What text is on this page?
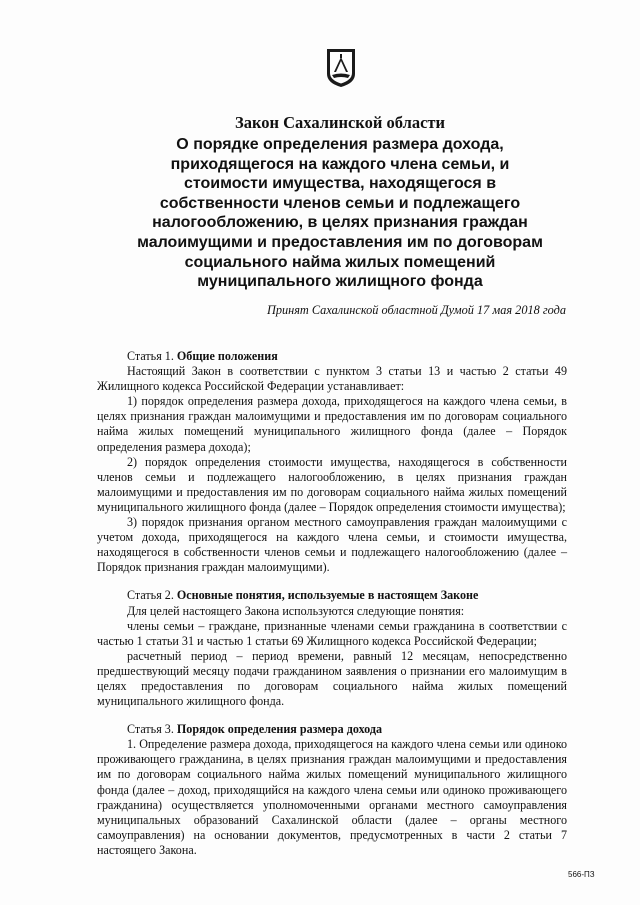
Закон Сахалинской области

О порядке определения размера дохода,
приходящегося на каждого члена семьи, и
стоимости имущества, находящегося в
собственности членов семьи и подлежащего
налогообложению, в целях признания граждан
малоимущими и предоставления им по договорам
социального найма жилых помещений
муниципального жилищного фонда

Принят Сахалинской областной Думой 17 мая 2018 года

Статья 1. Общие положения

Настоящий Закон в соответствии с пунктом 3 статьи 13 и частью 2 статьи 49 Жилищного кодекса Российской Федерации устанавливает:

1) порядок определения размера дохода, приходящегося на каждого члена семьи, в целях признания граждан малоимущими и предоставления им по договорам социального найма жилых помещений муниципального жилищного фонда (далее – Порядок определения размера дохода);

2) порядок определения стоимости имущества, находящегося в собственности членов семьи и подлежащего налогообложению, в целях признания граждан малоимущими и предоставления им по договорам социального найма жилых помещений муниципального жилищного фонда (далее – Порядок определения стоимости имущества);

3) порядок признания органом местного самоуправления граждан малоимущими с учетом дохода, приходящегося на каждого члена семьи, и стоимости имущества, находящегося в собственности членов семьи и подлежащего налогообложению (далее – Порядок признания граждан малоимущими).

Статья 2. Основные понятия, используемые в настоящем Законе

Для целей настоящего Закона используются следующие понятия:

члены семьи – граждане, признанные членами семьи гражданина в соответствии с частью 1 статьи 31 и частью 1 статьи 69 Жилищного кодекса Российской Федерации;

расчетный период – период времени, равный 12 месяцам, непосредственно предшествующий месяцу подачи гражданином заявления о признании его малоимущим в целях предоставления по договорам социального найма жилых помещений муниципального жилищного фонда.

Статья 3. Порядок определения размера дохода

1. Определение размера дохода, приходящегося на каждого члена семьи или одиноко проживающего гражданина, в целях признания граждан малоимущими и предоставления им по договорам социального найма жилых помещений муниципального жилищного фонда (далее – доход, приходящийся на каждого члена семьи или одиноко проживающего гражданина) осуществляется уполномоченными органами местного самоуправления муниципальных образований Сахалинской области (далее – органы местного самоуправления) на основании документов, предусмотренных в части 2 статьи 7 настоящего Закона.

566-ПЗ
